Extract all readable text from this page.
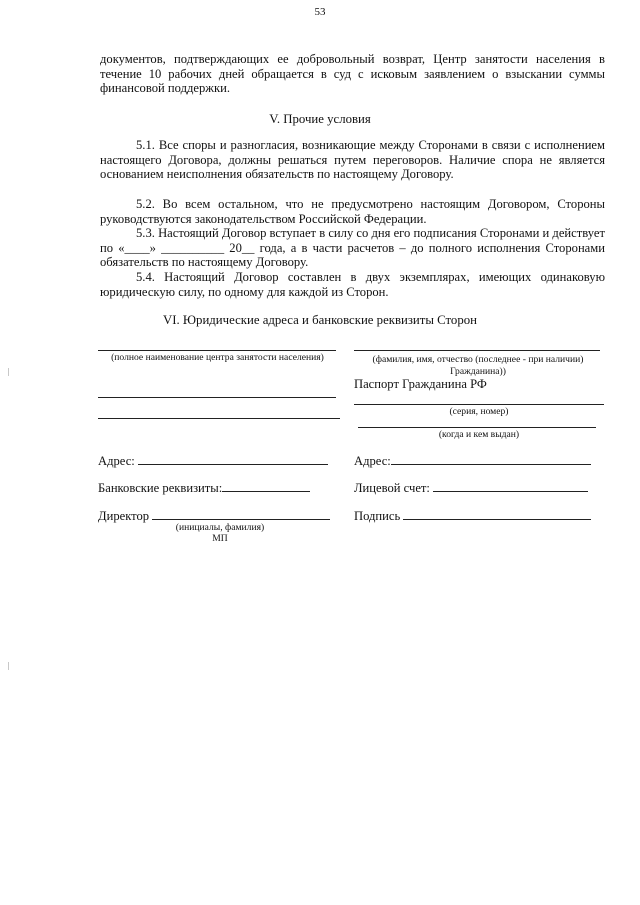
53
документов, подтверждающих ее добровольный возврат, Центр занятости населения в течение 10 рабочих дней обращается в суд с исковым заявлением о взыскании суммы финансовой поддержки.
V. Прочие условия
5.1. Все споры и разногласия, возникающие между Сторонами в связи с исполнением настоящего Договора, должны решаться путем переговоров. Наличие спора не является основанием неисполнения обязательств по настоящему Договору.
5.2. Во всем остальном, что не предусмотрено настоящим Договором, Стороны руководствуются законодательством Российской Федерации.
5.3. Настоящий Договор вступает в силу со дня его подписания Сторонами и действует по «____» __________ 20__ года, а в части расчетов – до полного исполнения Сторонами обязательств по настоящему Договору.
5.4. Настоящий Договор составлен в двух экземплярах, имеющих одинаковую юридическую силу, по одному для каждой из Сторон.
VI. Юридические адреса и банковские реквизиты Сторон
(полное наименование центра занятости населения)
Адрес:
Банковские реквизиты:
Директор
(инициалы, фамилия)
МП
(фамилия, имя, отчество (последнее - при наличии) Гражданина))
Паспорт Гражданина РФ
(серия, номер)
(когда и кем выдан)
Адрес:
Лицевой счет:
Подпись
